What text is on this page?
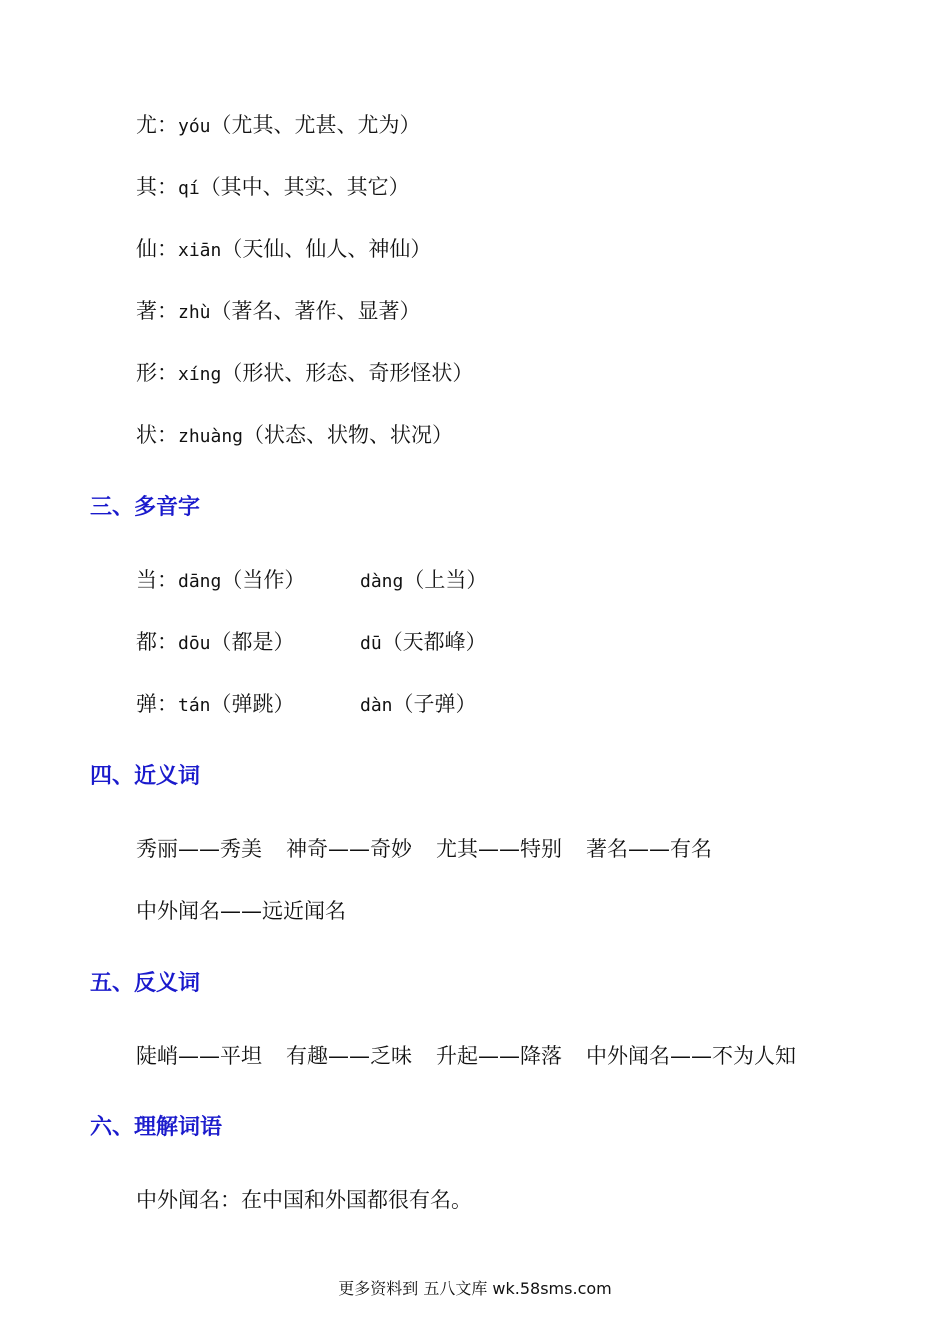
尤：yóu（尤其、尤甚、尤为）
其：qí（其中、其实、其它）
仙：xiān（天仙、仙人、神仙）
著：zhù（著名、著作、显著）
形：xíng（形状、形态、奇形怪状）
状：zhuàng（状态、状物、状况）
三、多音字
当：dāng（当作）	dàng（上当）
都：dōu（都是）	dū（天都峰）
弹：tán（弹跳）	dàn（子弹）
四、近义词
秀丽——秀美 神奇——奇妙 尤其——特别 著名——有名
中外闻名——远近闻名
五、反义词
陡峭——平坦 有趣——乏味 升起——降落 中外闻名——不为人知
六、理解词语
中外闻名：在中国和外国都很有名。
更多资料到 五八文库 wk.58sms.com
